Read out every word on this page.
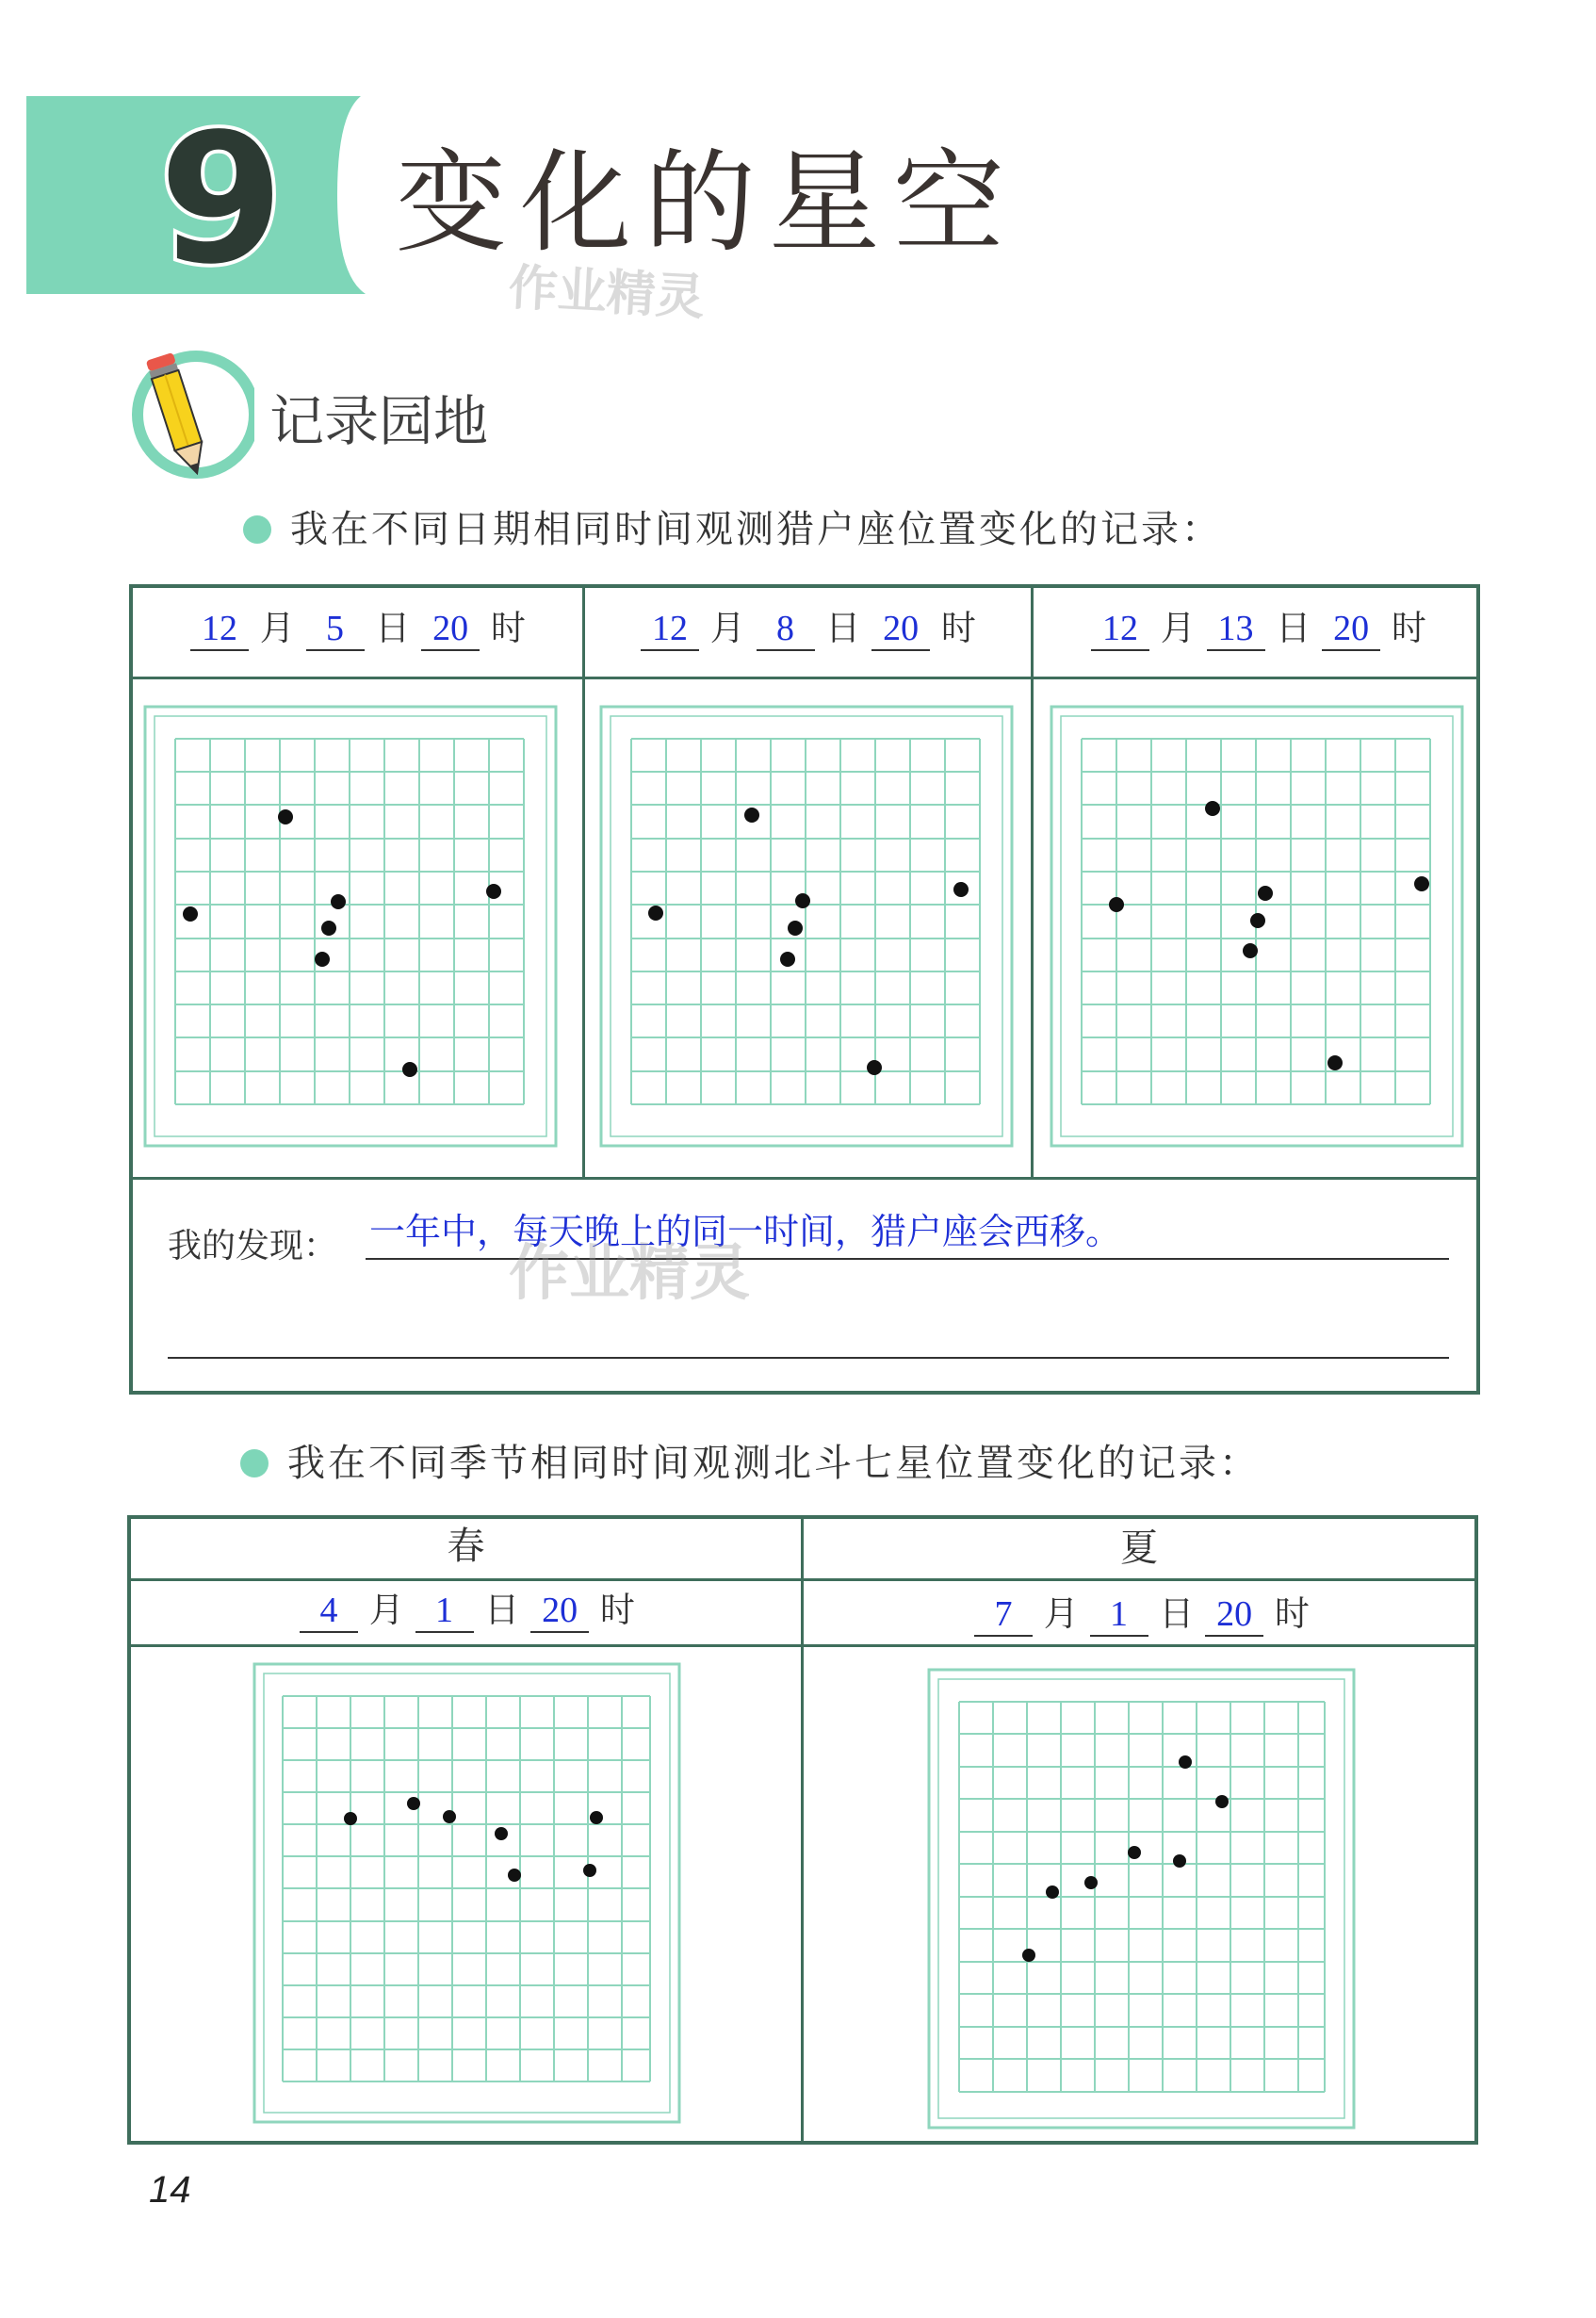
9 变化的星空
作业精灵
记录园地
我在不同日期相同时间观测猎户座位置变化的记录：
12 月 5 日 20 时	12 月 8 日 20 时	12 月 13 日 20 时
我的发现： 一年中，每天晚上的同一时间，猎户座会西移。
作业精灵
我在不同季节相同时间观测北斗七星位置变化的记录：
春	夏
4 月 1 日 20 时	7 月 1 日 20 时
14
